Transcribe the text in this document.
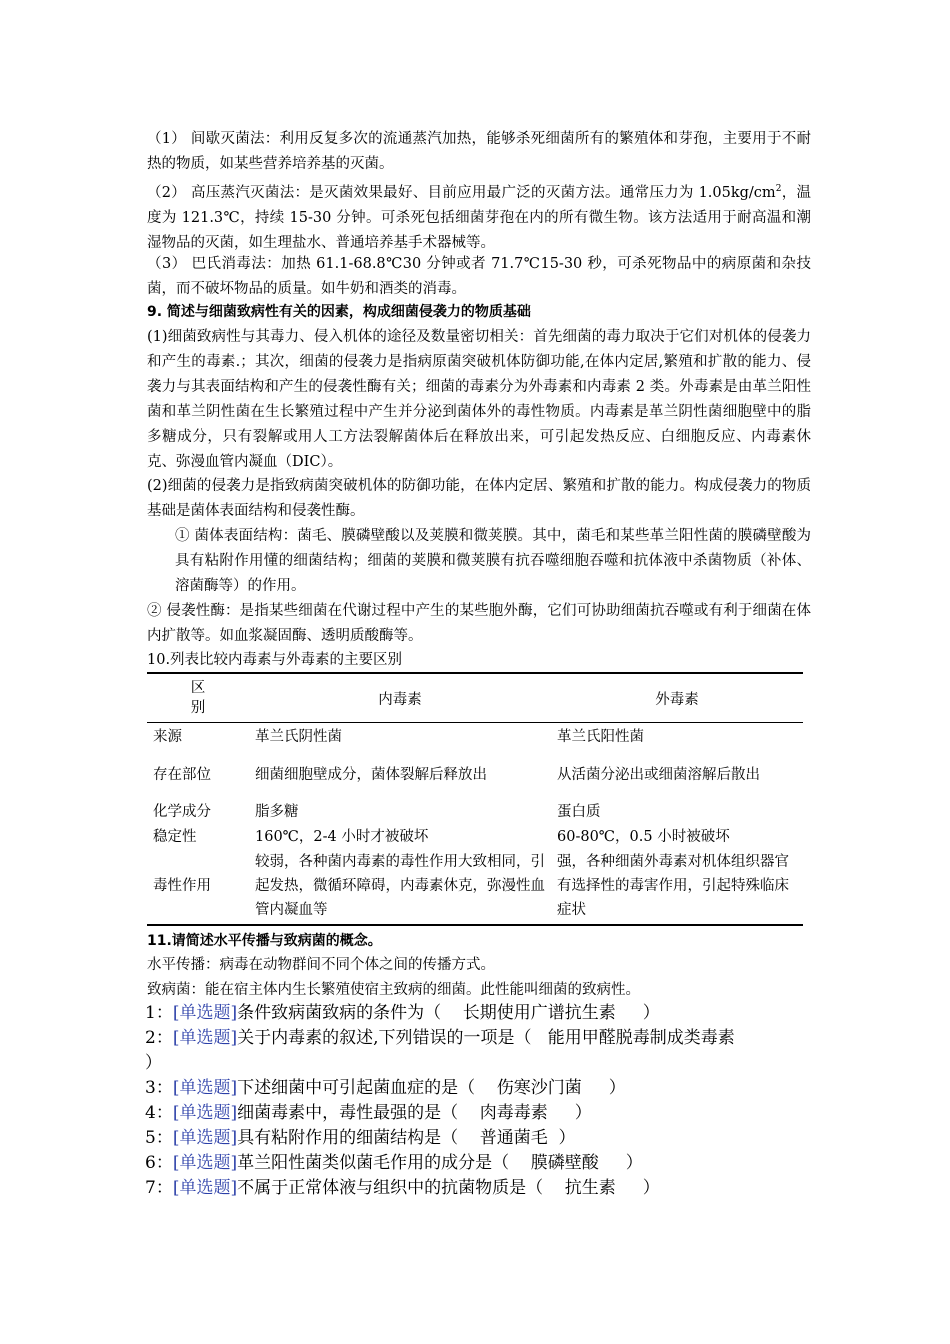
（1） 间歇灭菌法：利用反复多次的流通蒸汽加热，能够杀死细菌所有的繁殖体和芽孢，主要用于不耐热的物质，如某些营养培养基的灭菌。

（2） 高压蒸汽灭菌法：是灭菌效果最好、目前应用最广泛的灭菌方法。通常压力为 $1.05kg/cm^2$，温度为 121.3℃，持续 15-30 分钟。可杀死包括细菌芽孢在内的所有微生物。该方法适用于耐高温和潮湿物品的灭菌，如生理盐水、普通培养基手术器械等。

（3） 巴氏消毒法：加热 61.1-68.8℃30 分钟或者 71.7℃15-30 秒，可杀死物品中的病原菌和杂技菌，而不破坏物品的质量。如牛奶和酒类的消毒。

9. 简述与细菌致病性有关的因素，构成细菌侵袭力的物质基础

(1)细菌致病性与其毒力、侵入机体的途径及数量密切相关：首先细菌的毒力取决于它们对机体的侵袭力和产生的毒素.；其次，细菌的侵袭力是指病原菌突破机体防御功能,在体内定居,繁殖和扩散的能力、侵袭力与其表面结构和产生的侵袭性酶有关；细菌的毒素分为外毒素和内毒素 2 类。外毒素是由革兰阳性菌和革兰阴性菌在生长繁殖过程中产生并分泌到菌体外的毒性物质。内毒素是革兰阴性菌细胞壁中的脂多糖成分，只有裂解或用人工方法裂解菌体后在释放出来，可引起发热反应、白细胞反应、内毒素休克、弥漫血管内凝血（DIC）。

(2)细菌的侵袭力是指致病菌突破机体的防御功能，在体内定居、繁殖和扩散的能力。构成侵袭力的物质基础是菌体表面结构和侵袭性酶。

① 菌体表面结构：菌毛、膜磷壁酸以及荚膜和微荚膜。其中，菌毛和某些革兰阳性菌的膜磷壁酸为具有粘附作用懂的细菌结构；细菌的荚膜和微荚膜有抗吞噬细胞吞噬和抗体液中杀菌物质（补体、溶菌酶等）的作用。

② 侵袭性酶：是指某些细菌在代谢过程中产生的某些胞外酶，它们可协助细菌抗吞噬或有利于细菌在体内扩散等。如血浆凝固酶、透明质酸酶等。

10.列表比较内毒素与外毒素的主要区别

区
别	内毒素	外毒素
来源	革兰氏阴性菌	革兰氏阳性菌
存在部位	细菌细胞壁成分，菌体裂解后释放出	从活菌分泌出或细菌溶解后散出
化学成分	脂多糖	蛋白质
稳定性	160℃，2-4 小时才被破坏	60-80℃，0.5 小时被破坏
毒性作用	较弱，各种菌内毒素的毒性作用大致相同，引起发热，微循环障碍，内毒素休克，弥漫性血管内凝血等	强，各种细菌外毒素对机体组织器官有选择性的毒害作用，引起特殊临床症状

11.请简述水平传播与致病菌的概念。

水平传播：病毒在动物群间不同个体之间的传播方式。

致病菌：能在宿主体内生长繁殖使宿主致病的细菌。此性能叫细菌的致病性。

1：[单选题]条件致病菌致病的条件为（ 长期使用广谱抗生素 ）
2：[单选题]关于内毒素的叙述,下列错误的一项是（ 能用甲醛脱毒制成类毒素
）
3：[单选题]下述细菌中可引起菌血症的是（ 伤寒沙门菌 ）
4：[单选题]细菌毒素中，毒性最强的是（ 肉毒毒素 ）
5：[单选题]具有粘附作用的细菌结构是（ 普通菌毛 ）
6：[单选题]革兰阳性菌类似菌毛作用的成分是（ 膜磷壁酸 ）
7：[单选题]不属于正常体液与组织中的抗菌物质是（ 抗生素 ）
